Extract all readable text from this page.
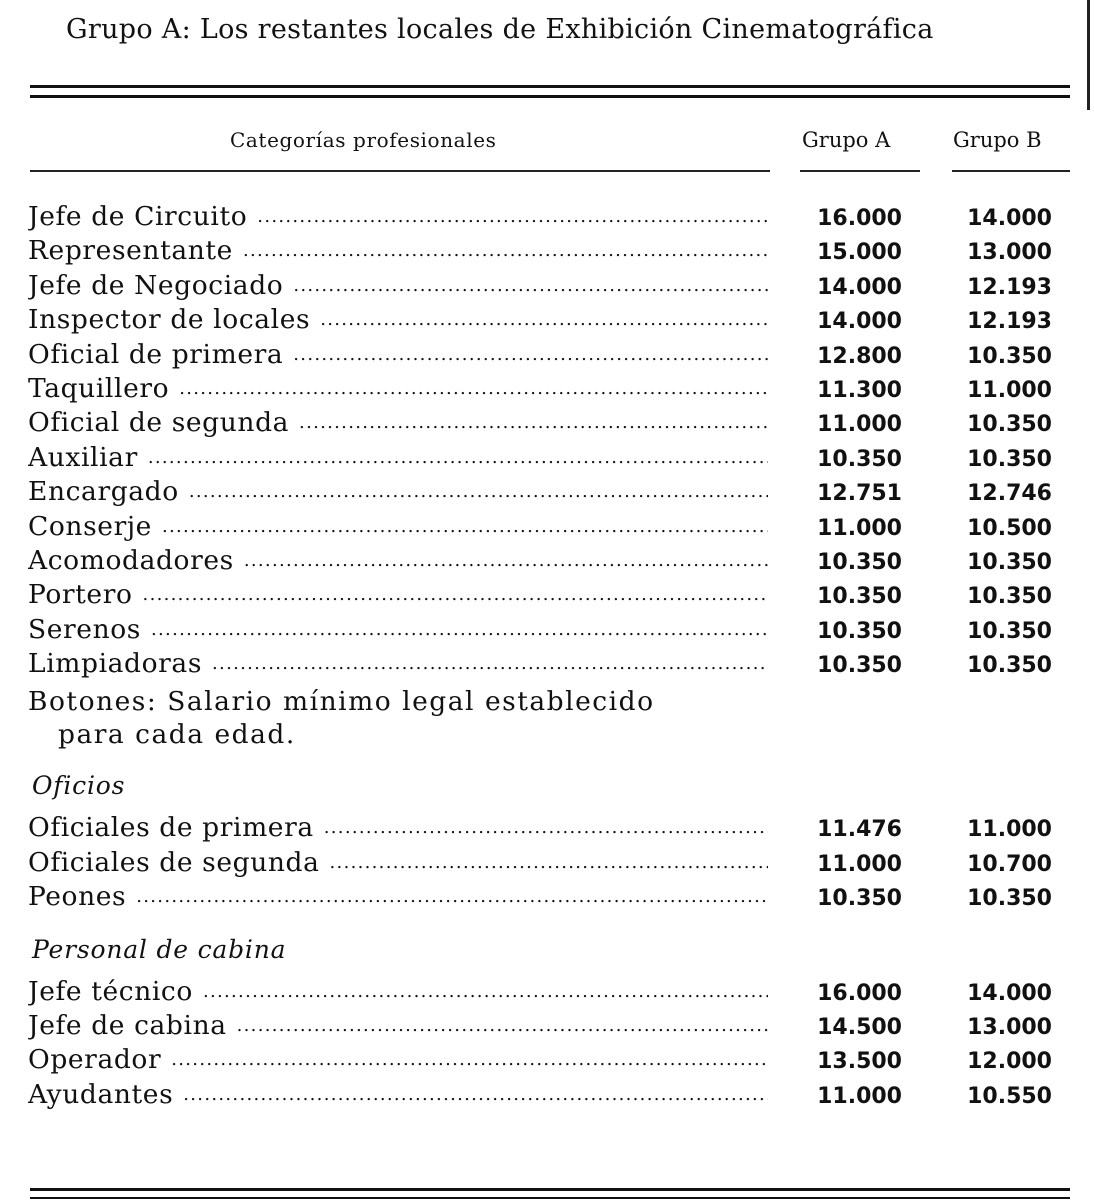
Grupo A: Los restantes locales de Exhibición Cinematográfica
Categorías profesionales	Grupo A	Grupo B
Jefe de Circuito .....	16.000	14.000
Representante .....	15.000	13.000
Jefe de Negociado .....	14.000	12.193
Inspector de locales .....	14.000	12.193
Oficial de primera .....	12.800	10.350
Taquillero .....	11.300	11.000
Oficial de segunda .....	11.000	10.350
Auxiliar .....	10.350	10.350
Encargado .....	12.751	12.746
Conserje .....	11.000	10.500
Acomodadores .....	10.350	10.350
Portero .....	10.350	10.350
Serenos .....	10.350	10.350
Limpiadoras .....	10.350	10.350
Botones: Salario mínimo legal establecido
para cada edad.
Oficios
Oficiales de primera .....	11.476	11.000
Oficiales de segunda .....	11.000	10.700
Peones .....	10.350	10.350
Personal de cabina
Jefe técnico .....	16.000	14.000
Jefe de cabina .....	14.500	13.000
Operador .....	13.500	12.000
Ayudantes .....	11.000	10.550
